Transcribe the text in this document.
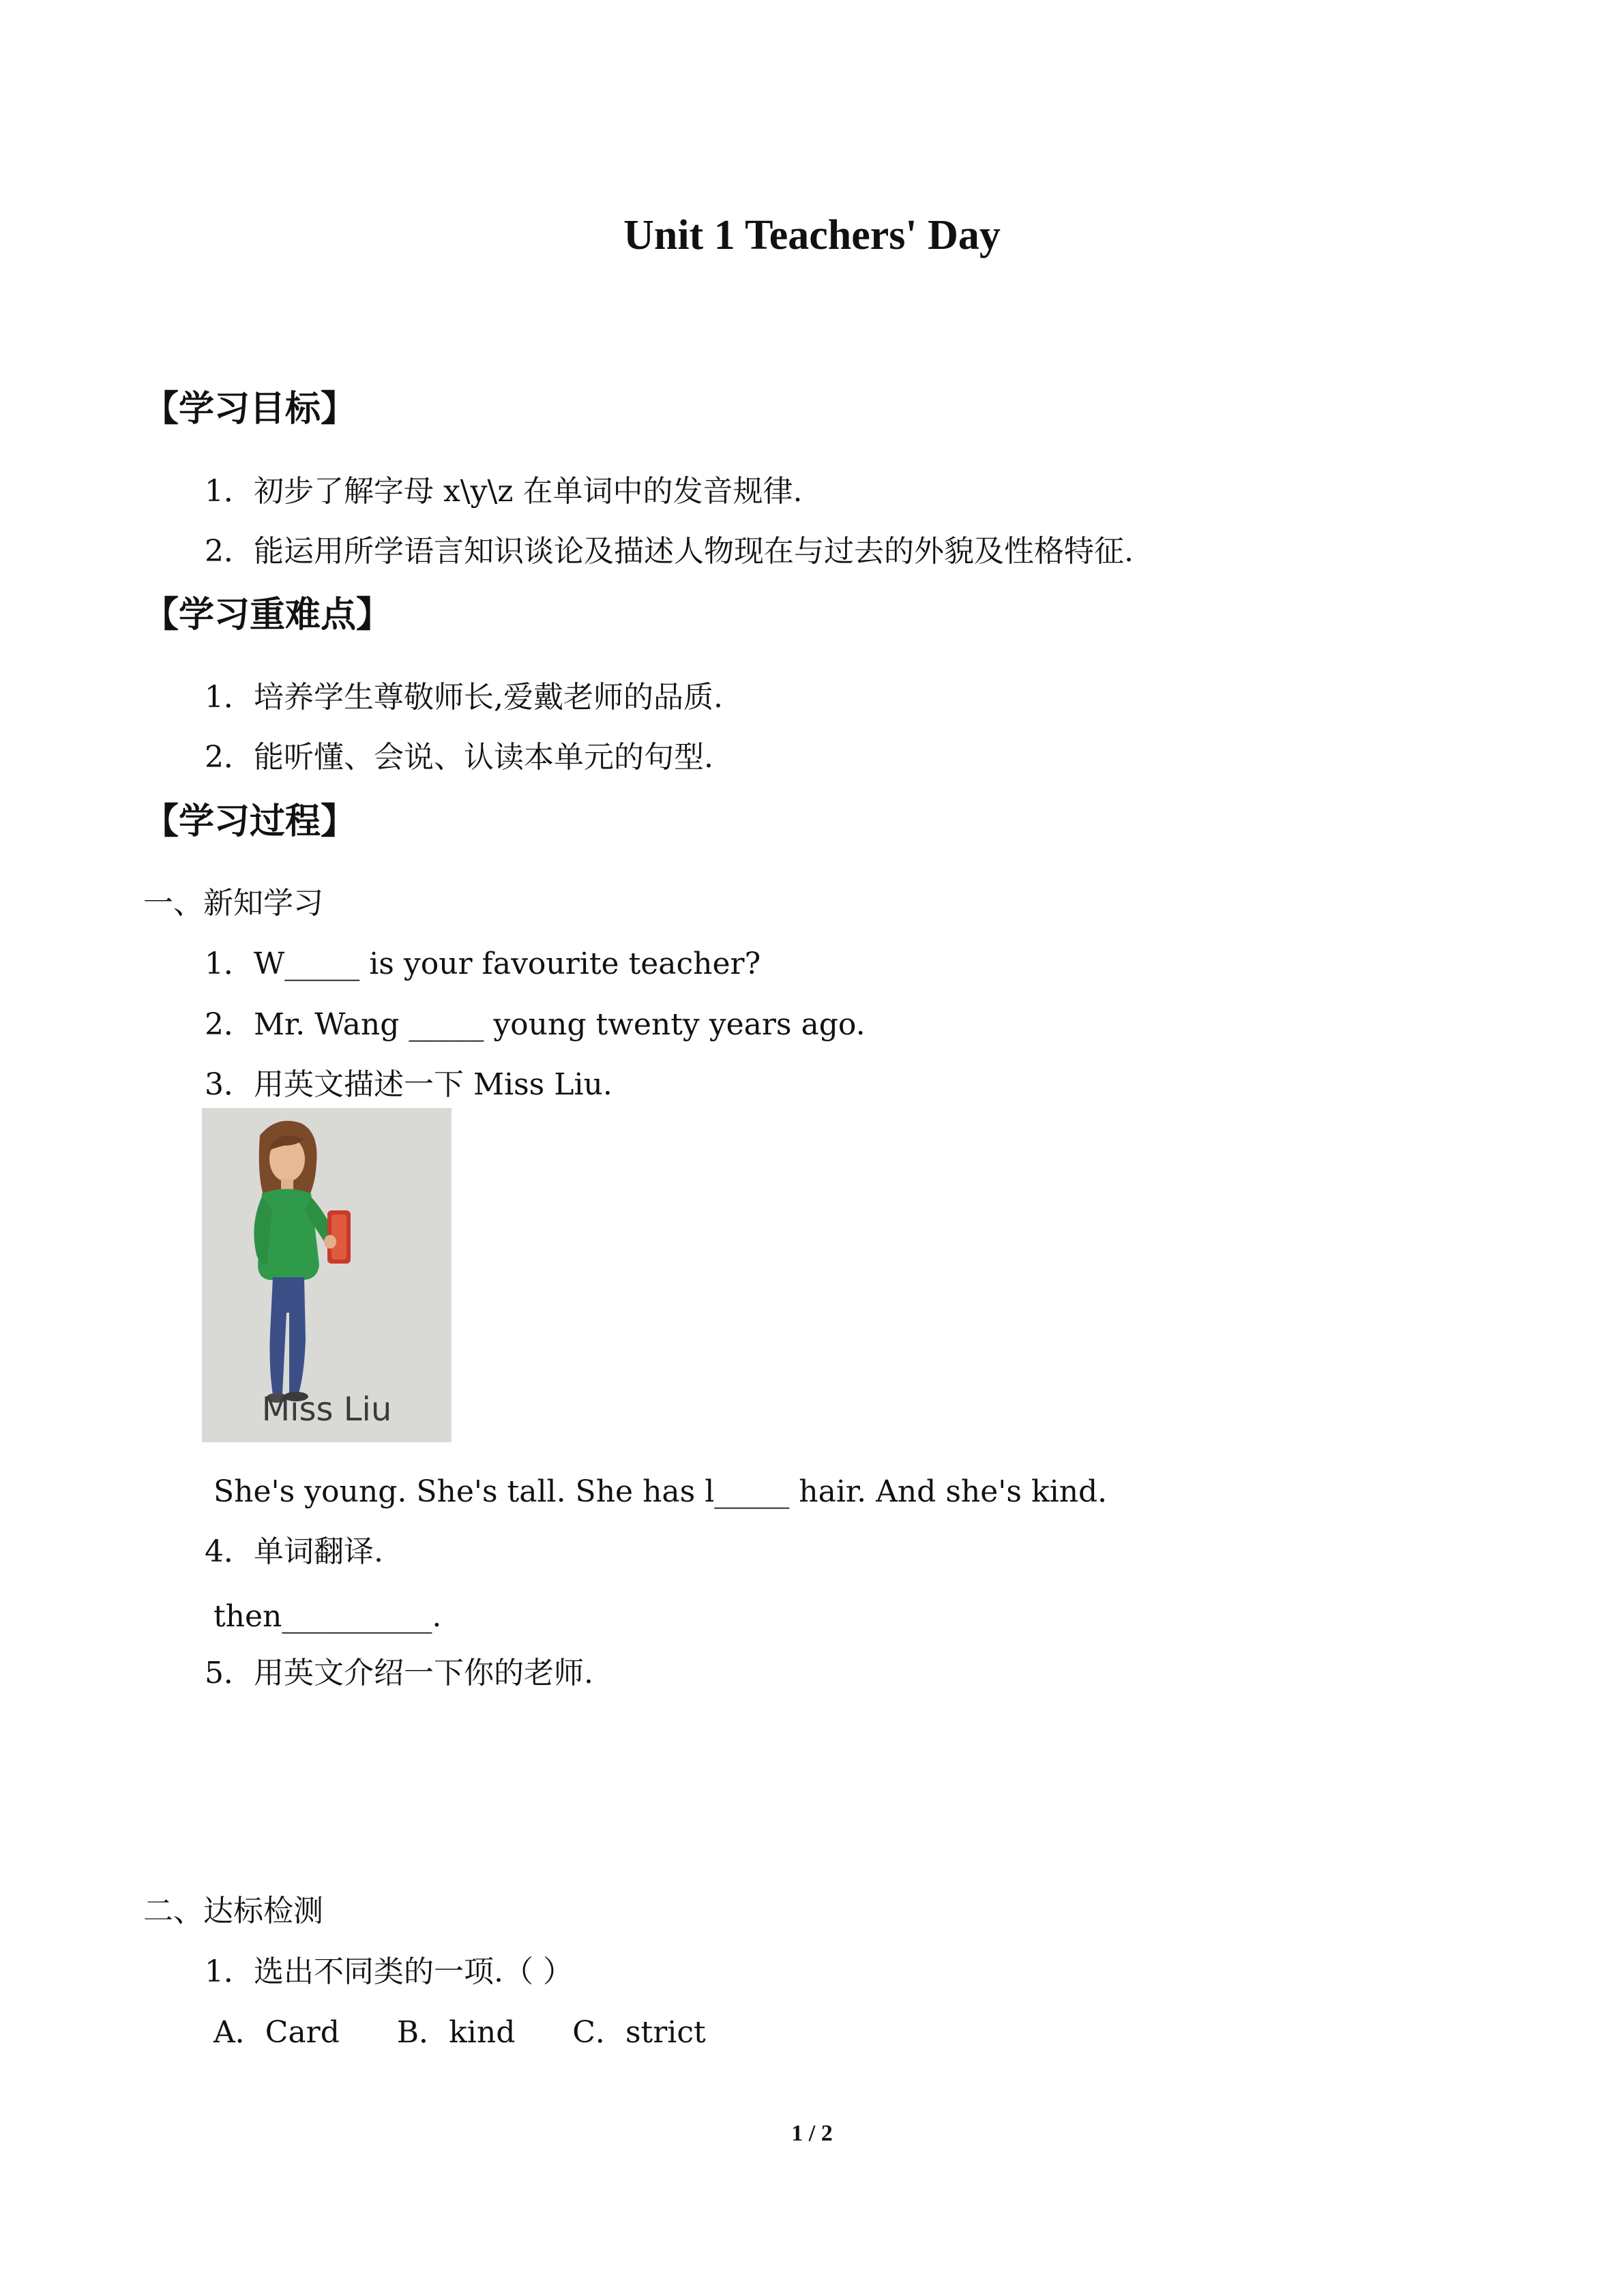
Unit 1 Teachers' Day
【学习目标】
1．初步了解字母 x\y\z 在单词中的发音规律.
2．能运用所学语言知识谈论及描述人物现在与过去的外貌及性格特征.
【学习重难点】
1．培养学生尊敬师长,爱戴老师的品质.
2．能听懂、会说、认读本单元的句型.
【学习过程】
一、新知学习
1．W_____ is your favourite teacher?
2．Mr. Wang _____ young twenty years ago.
3．用英文描述一下 Miss Liu.
Miss Liu
She's young. She's tall. She has l_____ hair. And she's kind．
4．单词翻译.
then__________.
5．用英文介绍一下你的老师.
二、达标检测
1．选出不同类的一项.（ ）
A．Card      B．kind      C．strict
1 / 2
